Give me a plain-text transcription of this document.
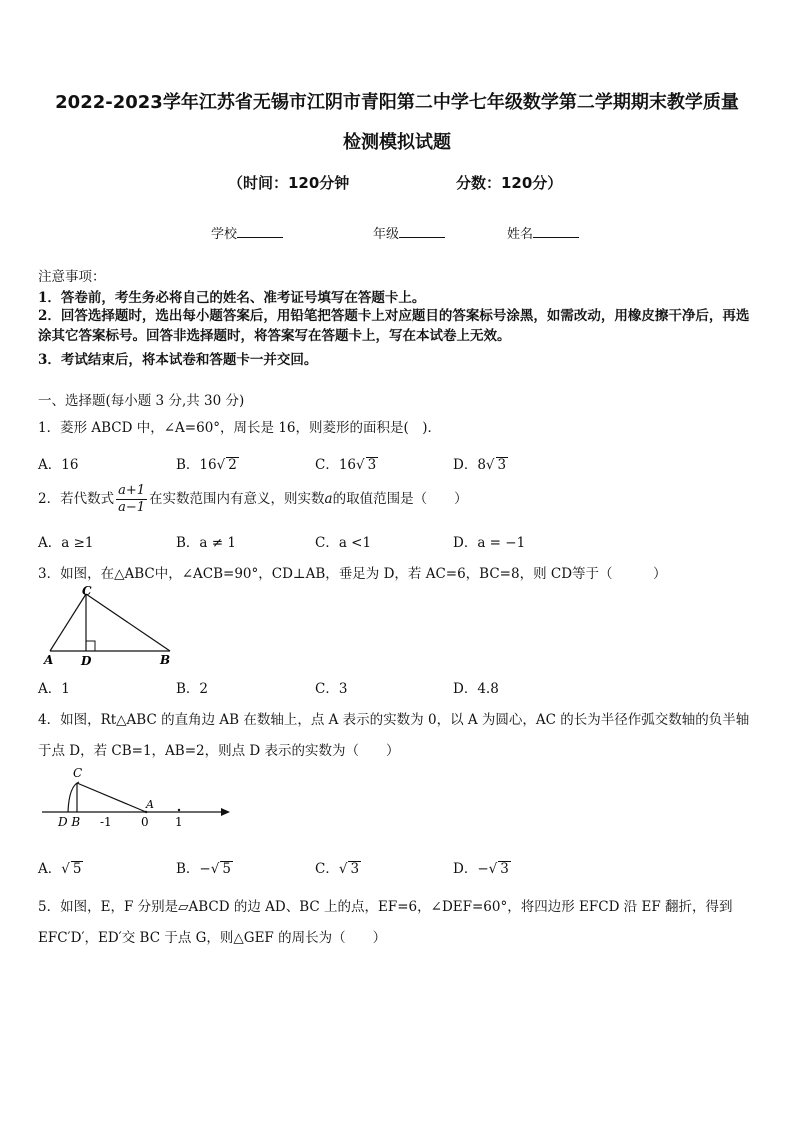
2022-2023学年江苏省无锡市江阴市青阳第二中学七年级数学第二学期期末教学质量
检测模拟试题
（时间：120分钟	分数：120分）
学校	年级	姓名
注意事项：
1．答卷前，考生务必将自己的姓名、准考证号填写在答题卡上。
2．回答选择题时，选出每小题答案后，用铅笔把答题卡上对应题目的答案标号涂黑，如需改动，用橡皮擦干净后，再选涂其它答案标号。回答非选择题时，将答案写在答题卡上，写在本试卷上无效。
3．考试结束后，将本试卷和答题卡一并交回。
一、选择题(每小题 3 分,共 30 分)
1．菱形 ABCD 中，∠A=60°，周长是 16，则菱形的面积是(　)．
A．16	B．16√ 2	C．16√ 3	D．8√ 3
2．若代数式 $\frac{a+1}{a-1}$ 在实数范围内有意义，则实数a的取值范围是（　　）
A．a ≥1	B．a ≠ 1	C．a <1	D．a = −1
3．如图，在△ABC中，∠ACB=90°，CD⊥AB，垂足为 D，若 AC=6，BC=8，则 CD等于（　　　）
C
A D	B
A．1	B．2	C．3	D．4.8
4．如图，Rt△ABC 的直角边 AB 在数轴上，点 A 表示的实数为 0，以 A 为圆心，AC 的长为半径作弧交数轴的负半轴
于点 D，若 CB=1，AB=2，则点 D 表示的实数为（　　）
C
A
D B -1 0 1
A．√ 5	B．−√ 5	C．√ 3	D．−√ 3
5．如图，E，F 分别是▱ABCD 的边 AD、BC 上的点，EF=6，∠DEF=60°，将四边形 EFCD 沿 EF 翻折，得到
EFC′D′，ED′交 BC 于点 G，则△GEF 的周长为（　　）
